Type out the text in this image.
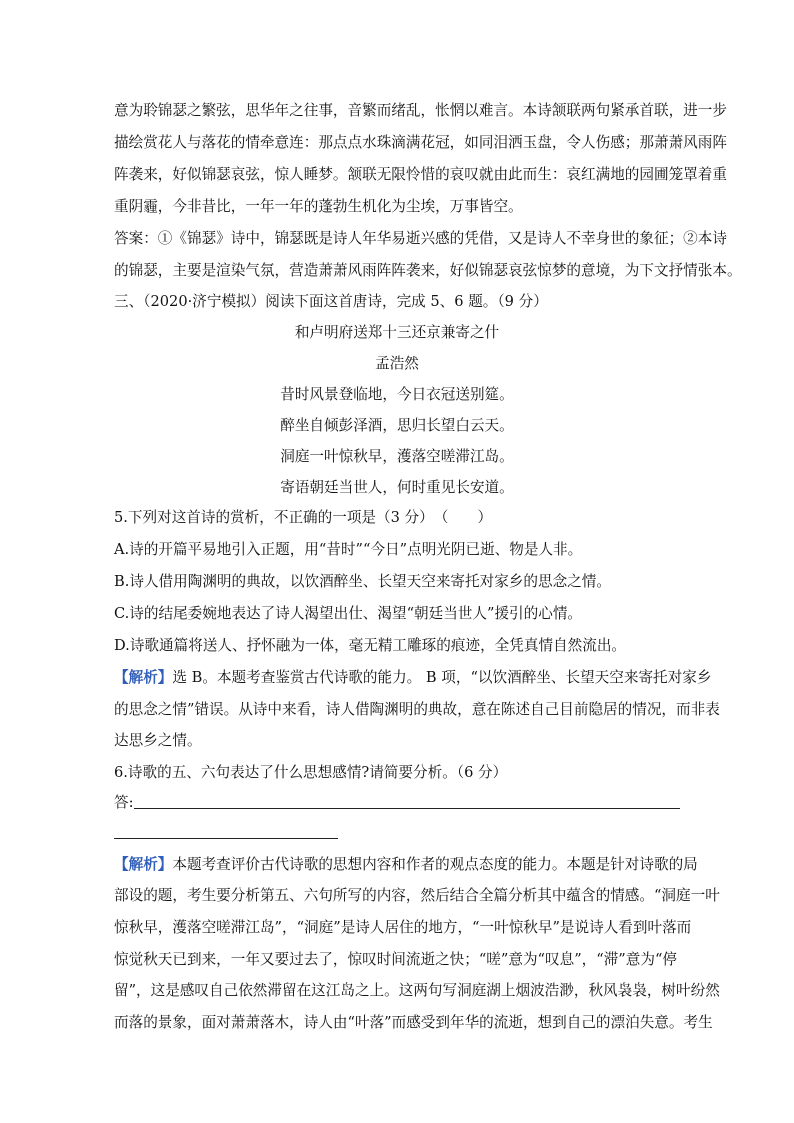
意为聆锦瑟之繁弦，思华年之往事，音繁而绪乱，怅惘以难言。本诗颔联两句紧承首联，进一步
描绘赏花人与落花的情牵意连：那点点水珠滴满花冠，如同泪洒玉盘，令人伤感；那萧萧风雨阵
阵袭来，好似锦瑟哀弦，惊人睡梦。颔联无限怜惜的哀叹就由此而生：哀红满地的园圃笼罩着重
重阴霾，今非昔比，一年一年的蓬勃生机化为尘埃，万事皆空。
答案：①《锦瑟》诗中，锦瑟既是诗人年华易逝兴感的凭借，又是诗人不幸身世的象征；②本诗
的锦瑟，主要是渲染气氛，营造萧萧风雨阵阵袭来，好似锦瑟哀弦惊梦的意境，为下文抒情张本。
三、（2020·济宁模拟）阅读下面这首唐诗，完成 5、6 题。（9 分）
和卢明府送郑十三还京兼寄之什
孟浩然
昔时风景登临地，今日衣冠送别筵。
醉坐自倾彭泽酒，思归长望白云天。
洞庭一叶惊秋早，濩落空嗟滞江岛。
寄语朝廷当世人，何时重见长安道。
5.下列对这首诗的赏析，不正确的一项是（3 分）　（　　）
A.诗的开篇平易地引入正题，用“昔时”“今日”点明光阴已逝、物是人非。
B.诗人借用陶渊明的典故，以饮酒醉坐、长望天空来寄托对家乡的思念之情。
C.诗的结尾委婉地表达了诗人渴望出仕、渴望“朝廷当世人”援引的心情。
D.诗歌通篇将送人、抒怀融为一体，毫无精工雕琢的痕迹，全凭真情自然流出。
【解析】选 B。本题考查鉴赏古代诗歌的能力。 B 项，“以饮酒醉坐、长望天空来寄托对家乡
的思念之情”错误。从诗中来看，诗人借陶渊明的典故，意在陈述自己目前隐居的情况，而非表
达思乡之情。
6.诗歌的五、六句表达了什么思想感情?请简要分析。（6 分）
答:
【解析】本题考查评价古代诗歌的思想内容和作者的观点态度的能力。本题是针对诗歌的局
部设的题，考生要分析第五、六句所写的内容，然后结合全篇分析其中蕴含的情感。“洞庭一叶
惊秋早，濩落空嗟滞江岛”，“洞庭”是诗人居住的地方，“一叶惊秋早”是说诗人看到叶落而
惊觉秋天已到来，一年又要过去了，惊叹时间流逝之快；“嗟”意为“叹息”，“滞”意为“停
留”，这是感叹自己依然滞留在这江岛之上。这两句写洞庭湖上烟波浩渺，秋风袅袅，树叶纷然
而落的景象，面对萧萧落木，诗人由“叶落”而感受到年华的流逝，想到自己的漂泊失意。考生
